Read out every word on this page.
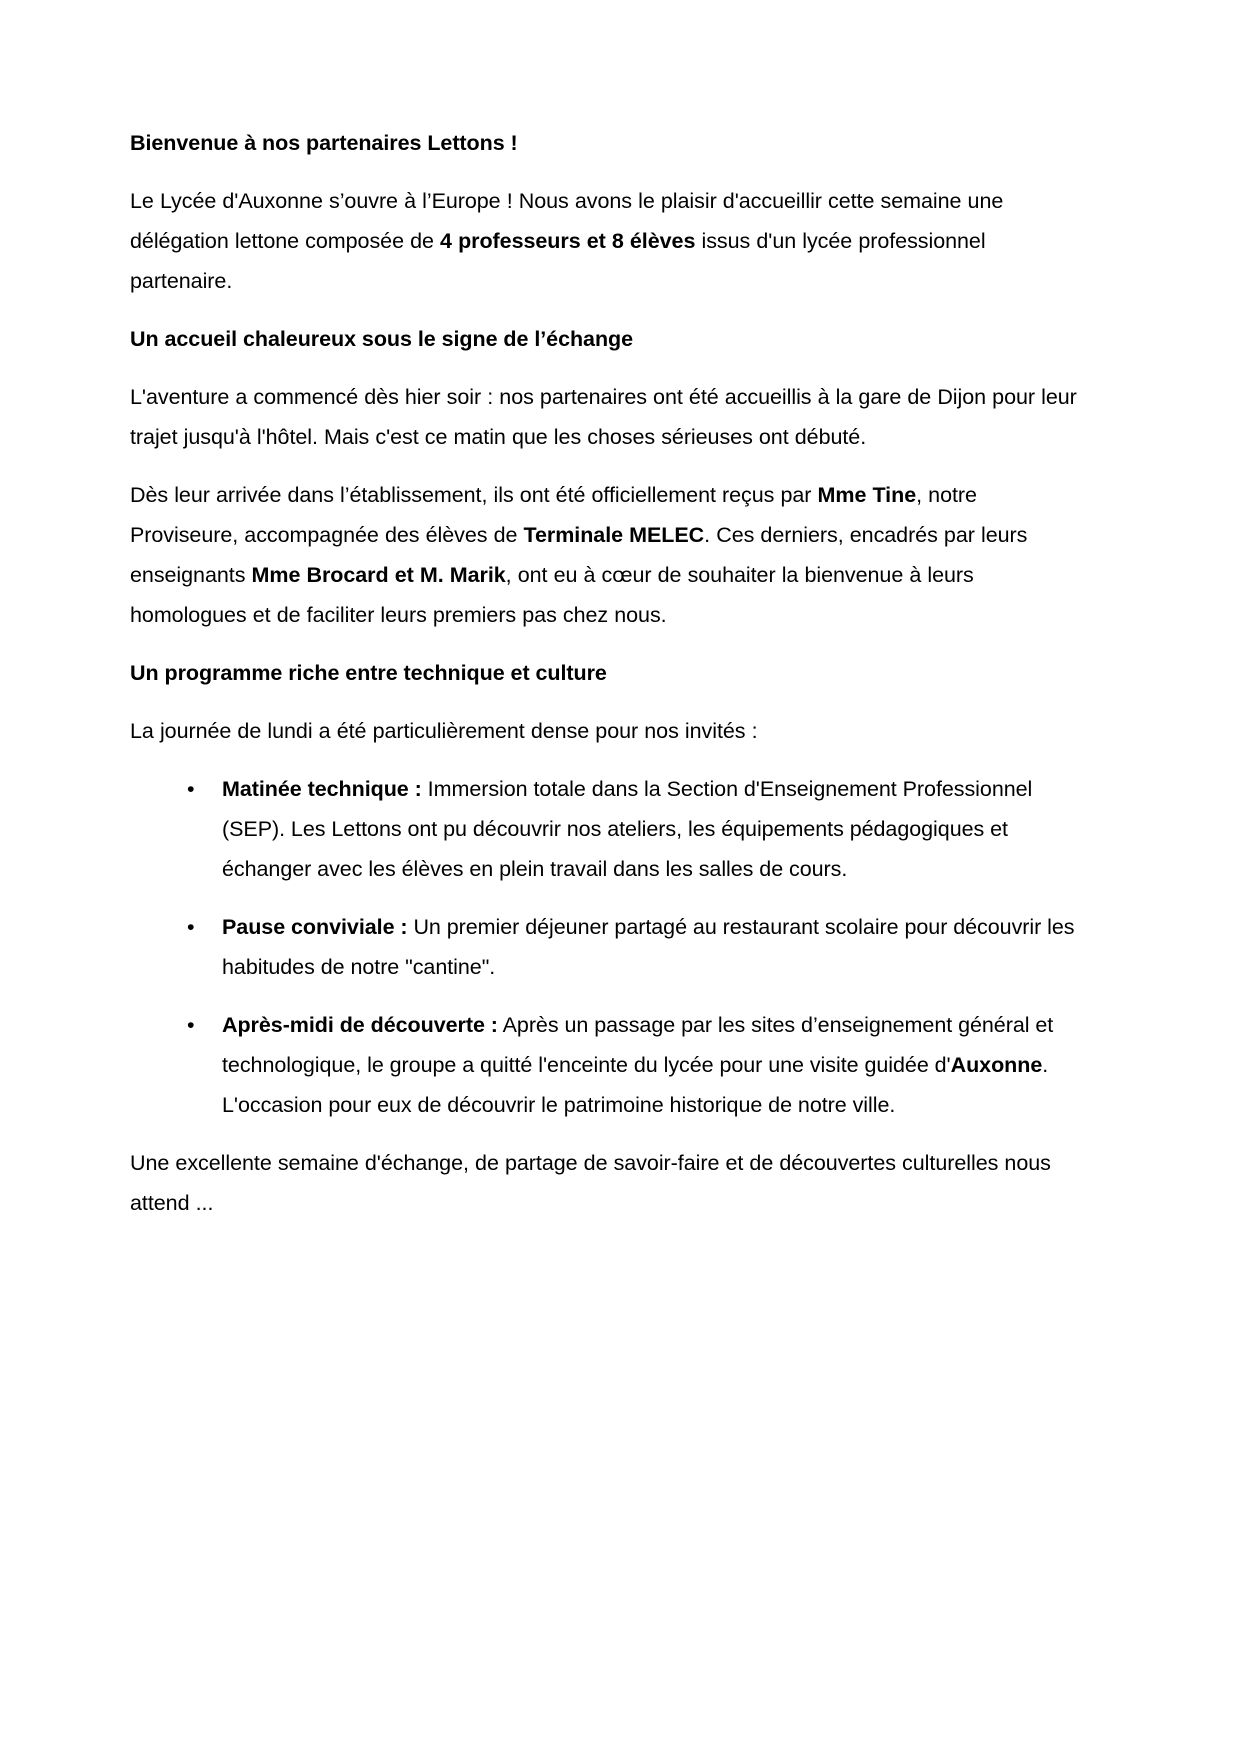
Bienvenue à nos partenaires Lettons !

Le Lycée d'Auxonne s’ouvre à l’Europe ! Nous avons le plaisir d'accueillir cette semaine une délégation lettone composée de 4 professeurs et 8 élèves issus d'un lycée professionnel partenaire.

Un accueil chaleureux sous le signe de l’échange

L'aventure a commencé dès hier soir : nos partenaires ont été accueillis à la gare de Dijon pour leur trajet jusqu'à l'hôtel. Mais c'est ce matin que les choses sérieuses ont débuté.

Dès leur arrivée dans l’établissement, ils ont été officiellement reçus par Mme Tine, notre Proviseure, accompagnée des élèves de Terminale MELEC. Ces derniers, encadrés par leurs enseignants Mme Brocard et M. Marik, ont eu à cœur de souhaiter la bienvenue à leurs homologues et de faciliter leurs premiers pas chez nous.

Un programme riche entre technique et culture

La journée de lundi a été particulièrement dense pour nos invités :

• Matinée technique : Immersion totale dans la Section d'Enseignement Professionnel (SEP). Les Lettons ont pu découvrir nos ateliers, les équipements pédagogiques et échanger avec les élèves en plein travail dans les salles de cours.
• Pause conviviale : Un premier déjeuner partagé au restaurant scolaire pour découvrir les habitudes de notre "cantine".
• Après-midi de découverte : Après un passage par les sites d’enseignement général et technologique, le groupe a quitté l'enceinte du lycée pour une visite guidée d'Auxonne. L'occasion pour eux de découvrir le patrimoine historique de notre ville.

Une excellente semaine d'échange, de partage de savoir-faire et de découvertes culturelles nous attend ...
